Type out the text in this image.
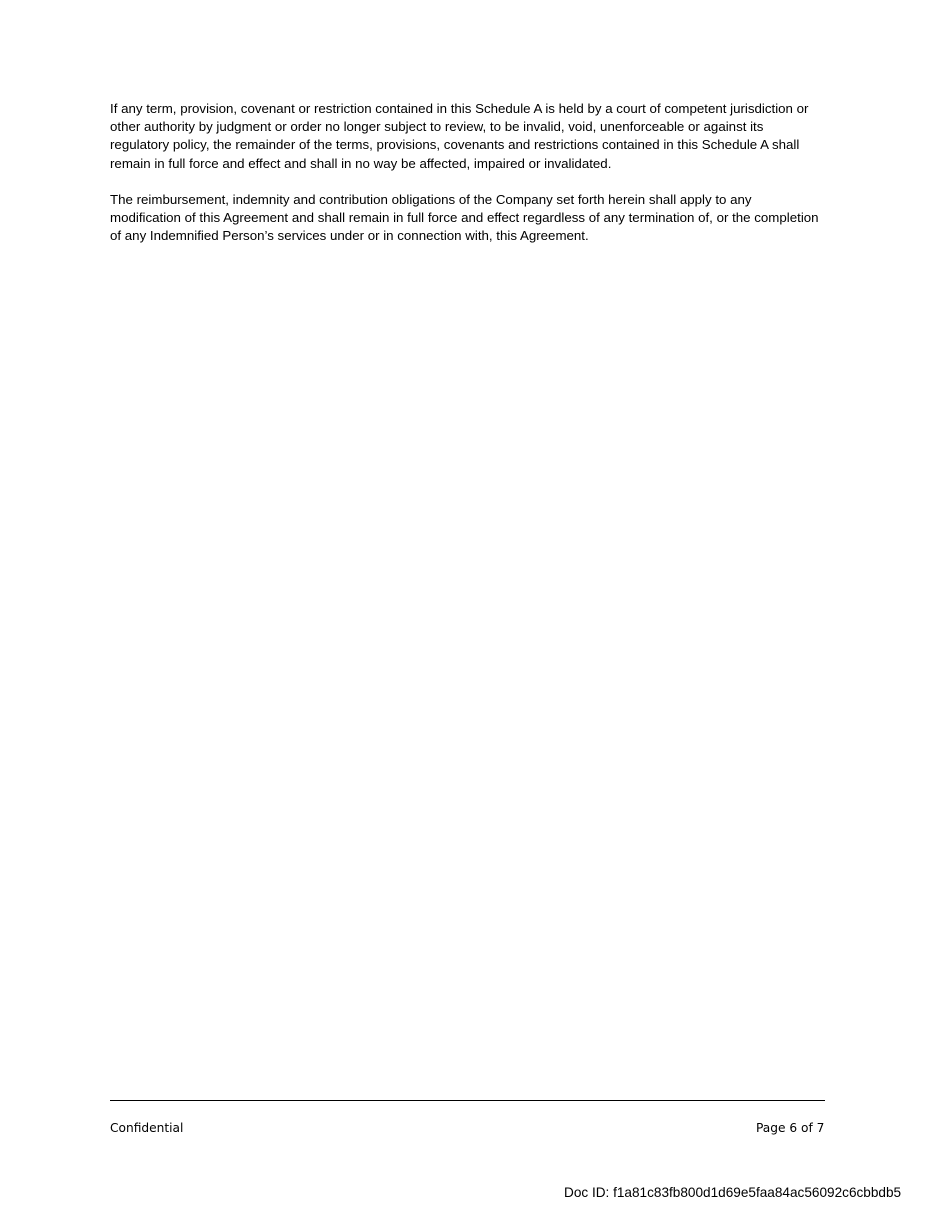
If any term, provision, covenant or restriction contained in this Schedule A is held by a court of competent jurisdiction or other authority by judgment or order no longer subject to review, to be invalid, void, unenforceable or against its regulatory policy, the remainder of the terms, provisions, covenants and restrictions contained in this Schedule A shall remain in full force and effect and shall in no way be affected, impaired or invalidated.

The reimbursement, indemnity and contribution obligations of the Company set forth herein shall apply to any modification of this Agreement and shall remain in full force and effect regardless of any termination of, or the completion of any Indemnified Person’s services under or in connection with, this Agreement.

Confidential	Page 6 of 7
Doc ID: f1a81c83fb800d1d69e5faa84ac56092c6cbbdb5
